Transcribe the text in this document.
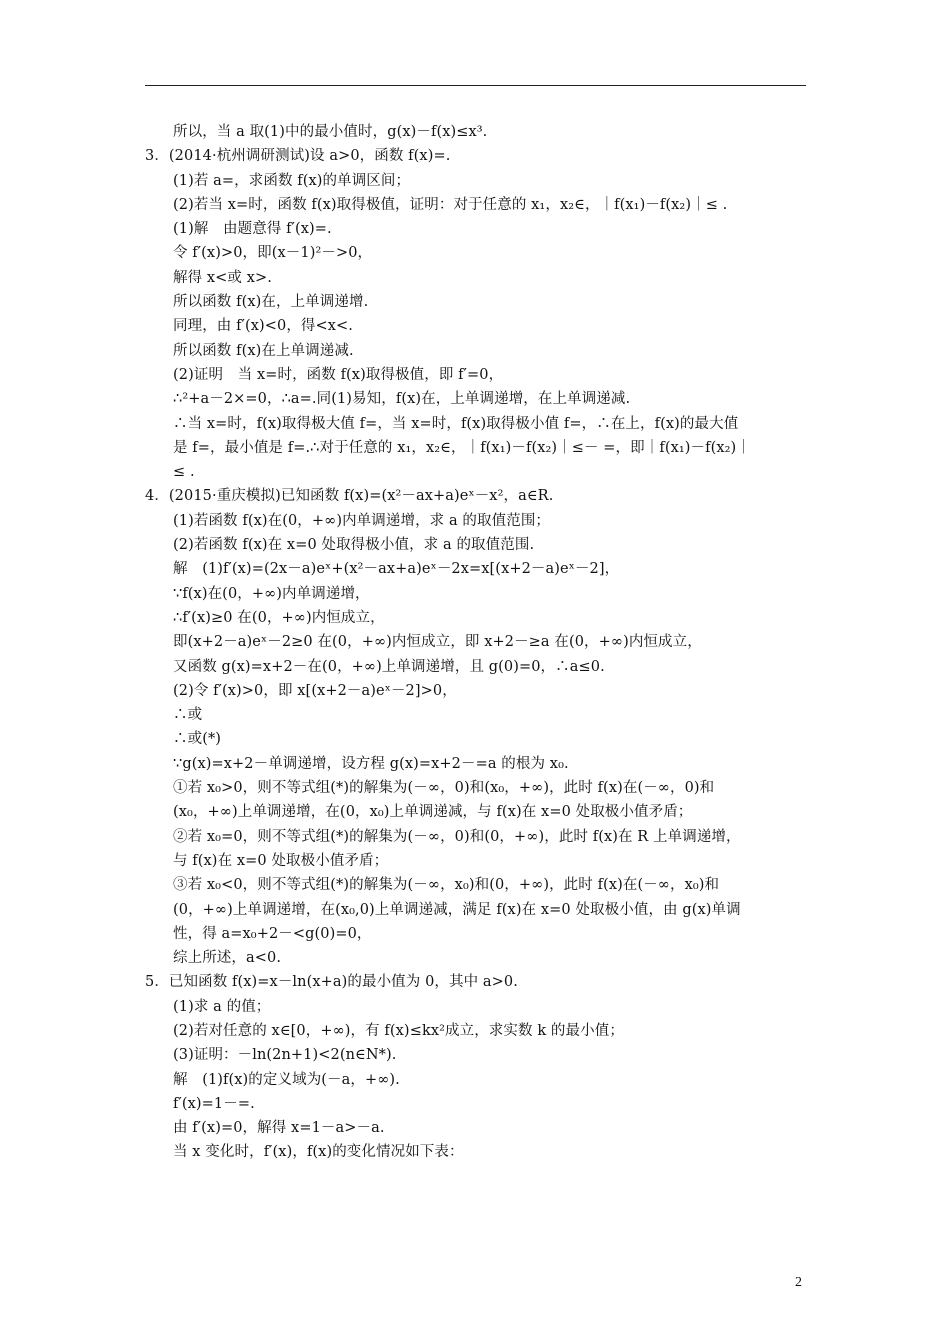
所以，当 a 取(1)中的最小值时，g(x)－f(x)≤x³.
3．(2014·杭州调研测试)设 a>0，函数 f(x)=.
(1)若 a=，求函数 f(x)的单调区间；
(2)若当 x=时，函数 f(x)取得极值，证明：对于任意的 x₁，x₂∈，｜f(x₁)－f(x₂)｜≤ .
(1)解　由题意得 f′(x)=.
令 f′(x)>0，即(x－1)²－>0，
解得 x<或 x>.
所以函数 f(x)在，上单调递增.
同理，由 f′(x)<0，得<x<.
所以函数 f(x)在上单调递减.
(2)证明　当 x=时，函数 f(x)取得极值，即 f′=0，
∴²+a－2×=0，∴a=.同(1)易知，f(x)在，上单调递增，在上单调递减.
∴当 x=时，f(x)取得极大值 f=，当 x=时，f(x)取得极小值 f=，∴在上，f(x)的最大值
是 f=，最小值是 f=.∴对于任意的 x₁，x₂∈，｜f(x₁)－f(x₂)｜≤－ =，即｜f(x₁)－f(x₂)｜
≤ .
4．(2015·重庆模拟)已知函数 f(x)=(x²－ax+a)eˣ－x²，a∈R.
(1)若函数 f(x)在(0，+∞)内单调递增，求 a 的取值范围；
(2)若函数 f(x)在 x=0 处取得极小值，求 a 的取值范围.
解　(1)f′(x)=(2x－a)eˣ+(x²－ax+a)eˣ－2x=x[(x+2－a)eˣ－2]，
∵f(x)在(0，+∞)内单调递增，
∴f′(x)≥0 在(0，+∞)内恒成立，
即(x+2－a)eˣ－2≥0 在(0，+∞)内恒成立，即 x+2－≥a 在(0，+∞)内恒成立，
又函数 g(x)=x+2－在(0，+∞)上单调递增，且 g(0)=0，∴a≤0.
(2)令 f′(x)>0，即 x[(x+2－a)eˣ－2]>0，
∴或
∴或(*)
∵g(x)=x+2－单调递增，设方程 g(x)=x+2－=a 的根为 x₀.
①若 x₀>0，则不等式组(*)的解集为(－∞，0)和(x₀，+∞)，此时 f(x)在(－∞，0)和
(x₀，+∞)上单调递增，在(0，x₀)上单调递减，与 f(x)在 x=0 处取极小值矛盾；
②若 x₀=0，则不等式组(*)的解集为(－∞，0)和(0，+∞)，此时 f(x)在 R 上单调递增，
与 f(x)在 x=0 处取极小值矛盾；
③若 x₀<0，则不等式组(*)的解集为(－∞，x₀)和(0，+∞)，此时 f(x)在(－∞，x₀)和
(0，+∞)上单调递增，在(x₀,0)上单调递减，满足 f(x)在 x=0 处取极小值，由 g(x)单调
性，得 a=x₀+2－<g(0)=0，
综上所述，a<0.
5．已知函数 f(x)=x－ln(x+a)的最小值为 0，其中 a>0.
(1)求 a 的值；
(2)若对任意的 x∈[0，+∞)，有 f(x)≤kx²成立，求实数 k 的最小值；
(3)证明：－ln(2n+1)<2(n∈N*).
解　(1)f(x)的定义域为(－a，+∞).
f′(x)=1－=.
由 f′(x)=0，解得 x=1－a>－a.
当 x 变化时，f′(x)，f(x)的变化情况如下表：
2
